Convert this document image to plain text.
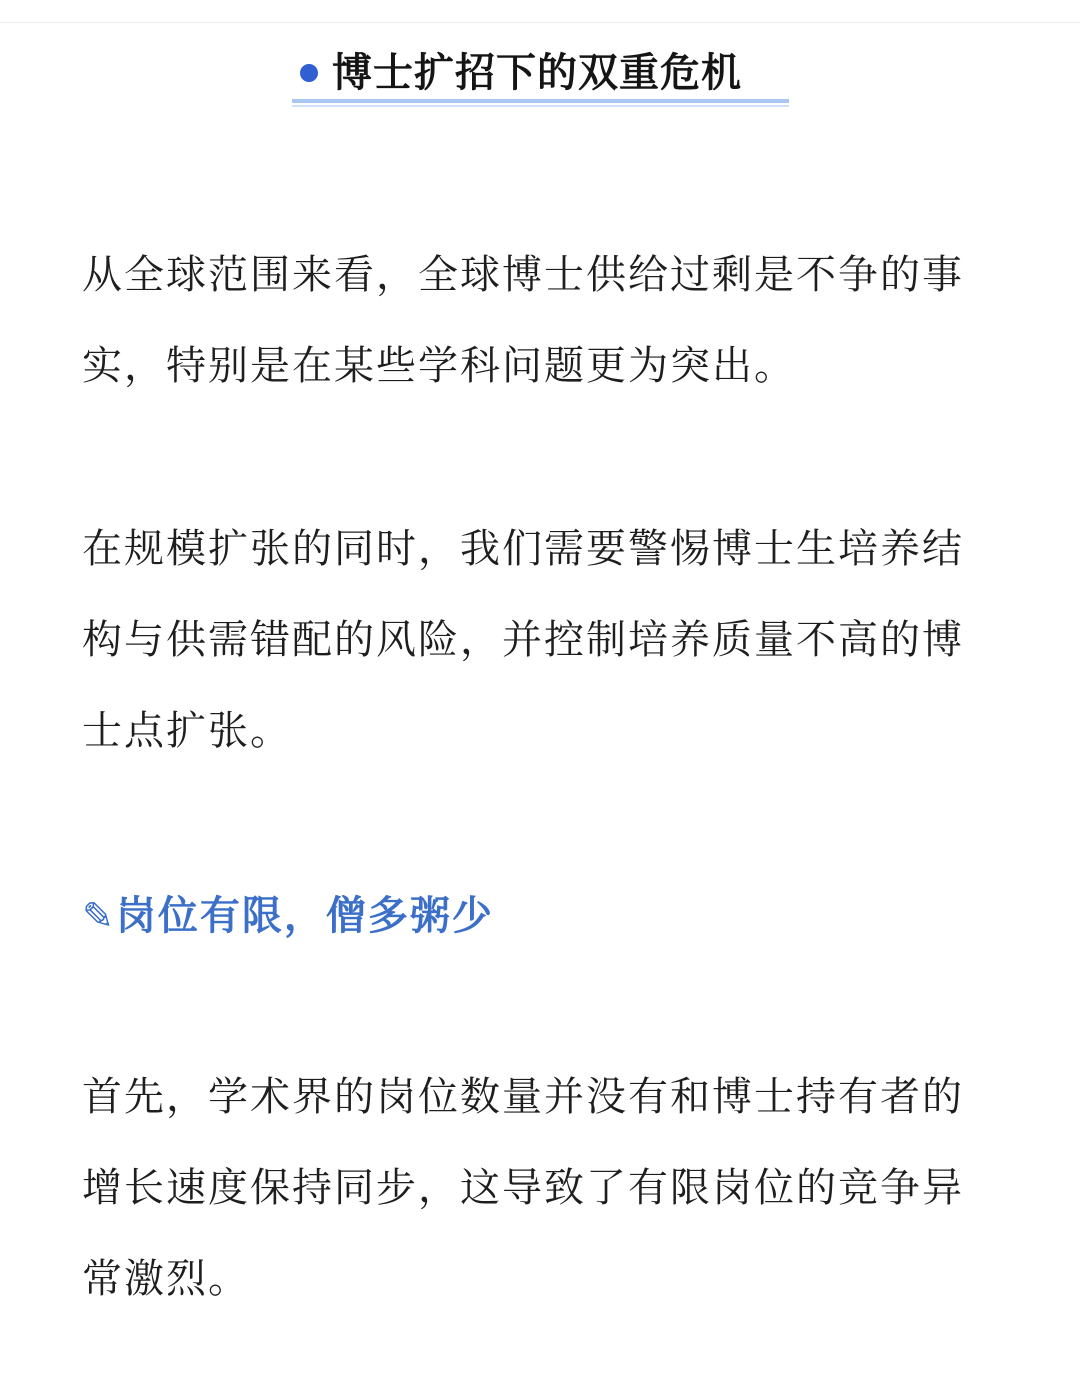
博士扩招下的双重危机

从全球范围来看，全球博士供给过剩是不争的事实，特别是在某些学科问题更为突出。

在规模扩张的同时，我们需要警惕博士生培养结构与供需错配的风险，并控制培养质量不高的博士点扩张。

✎岗位有限，僧多粥少

首先，学术界的岗位数量并没有和博士持有者的增长速度保持同步，这导致了有限岗位的竞争异常激烈。
